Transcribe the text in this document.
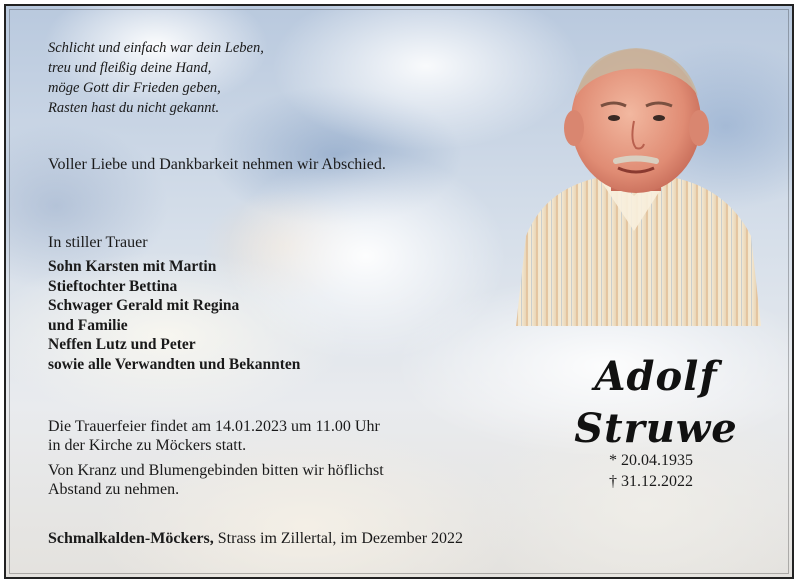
Schlicht und einfach war dein Leben,
treu und fleißig deine Hand,
möge Gott dir Frieden geben,
Rasten hast du nicht gekannt.
Voller Liebe und Dankbarkeit nehmen wir Abschied.
In stiller Trauer
Sohn Karsten mit Martin
Stieftochter Bettina
Schwager Gerald mit Regina
und Familie
Neffen Lutz und Peter
sowie alle Verwandten und Bekannten
Die Trauerfeier findet am 14.01.2023 um 11.00 Uhr
in der Kirche zu Möckers statt.
Von Kranz und Blumengebinden bitten wir höflichst
Abstand zu nehmen.
Schmalkalden-Möckers, Strass im Zillertal, im Dezember 2022
Adolf
Struwe
* 20.04.1935
† 31.12.2022
